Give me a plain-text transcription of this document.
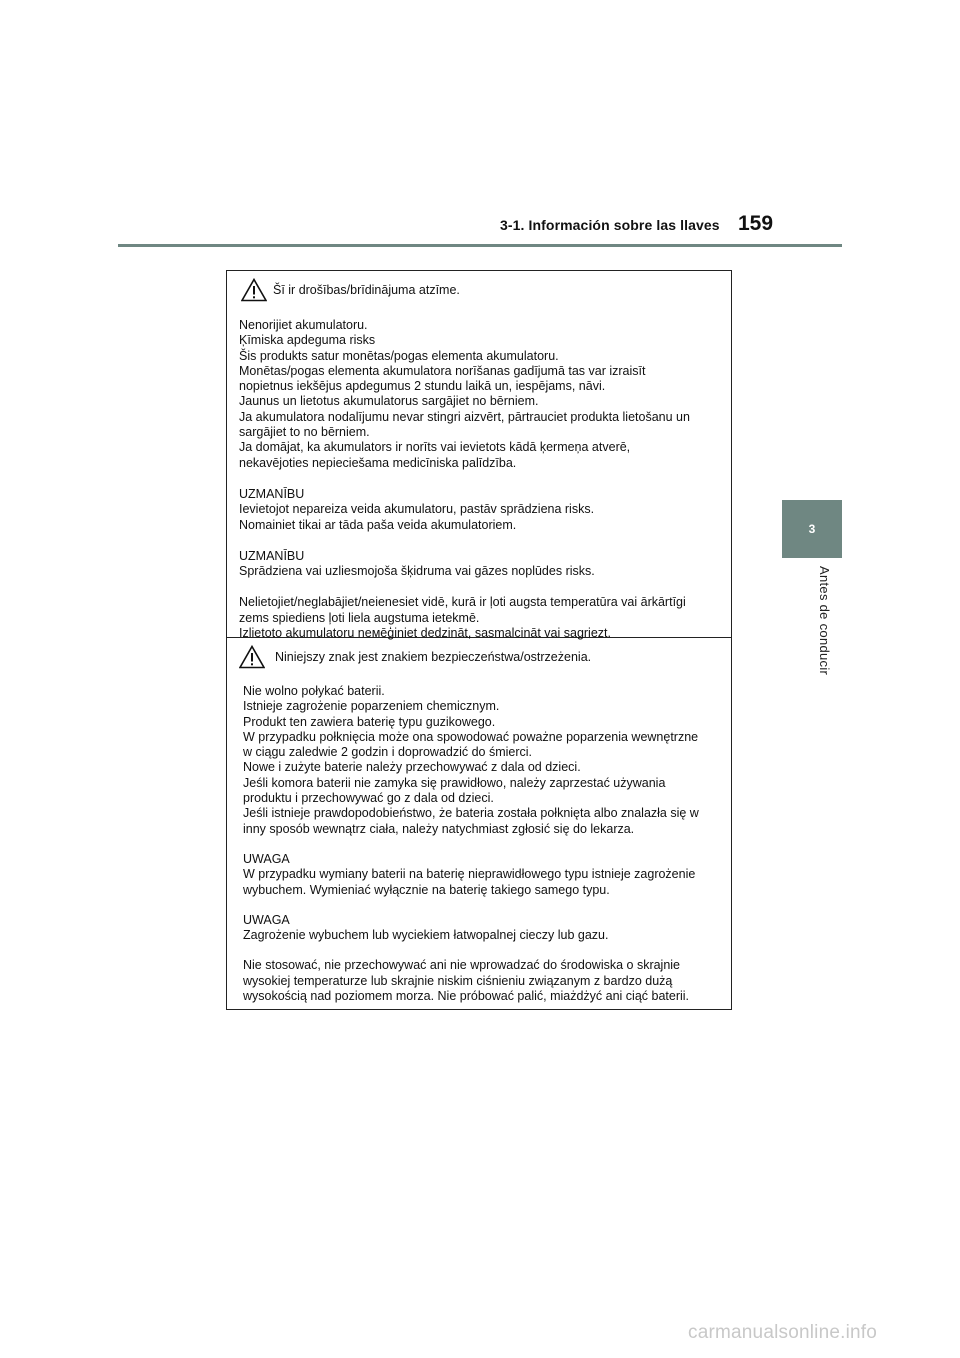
3-1. Información sobre las llaves 159
3
Antes de conducir
Šī ir drošības/brīdinājuma atzīme.

Nenorijiet akumulatoru.
Ķīmiska apdeguma risks
Šis produkts satur monētas/pogas elementa akumulatoru.
Monētas/pogas elementa akumulatora norīšanas gadījumā tas var izraisīt
nopietnus iekšējus apdegumus 2 stundu laikā un, iespējams, nāvi.
Jaunus un lietotus akumulatorus sargājiet no bērniem.
Ja akumulatora nodalījumu nevar stingri aizvērt, pārtrauciet produkta lietošanu un
sargājiet to no bērniem.
Ja domājat, ka akumulators ir norīts vai ievietots kādā ķermeņa atverē,
nekavējoties nepieciešama medicīniska palīdzība.

UZMANĪBU
Ievietojot nepareiza veida akumulatoru, pastāv sprādziena risks.
Nomainiet tikai ar tāda paša veida akumulatoriem.

UZMANĪBU
Sprādziena vai uzliesmojoša šķidruma vai gāzes noplūdes risks.

Nelietojiet/neglabājiet/neienesiet vidē, kurā ir ļoti augsta temperatūra vai ārkārtīgi
zems spiediens ļoti liela augstuma ietekmē.
Izlietoto akumulatoru neмēģiniet dedzināt, sasmalcināt vai sagriezt.

Niniejszy znak jest znakiem bezpieczeństwa/ostrzeżenia.

Nie wolno połykać baterii.
Istnieje zagrożenie poparzeniem chemicznym.
Produkt ten zawiera baterię typu guzikowego.
W przypadku połknięcia może ona spowodować poważne poparzenia wewnętrzne
w ciągu zaledwie 2 godzin i doprowadzić do śmierci.
Nowe i zużyte baterie należy przechowywać z dala od dzieci.
Jeśli komora baterii nie zamyka się prawidłowo, należy zaprzestać używania
produktu i przechowywać go z dala od dzieci.
Jeśli istnieje prawdopodobieństwo, że bateria została połknięta albo znalazła się w
inny sposób wewnątrz ciała, należy natychmiast zgłosić się do lekarza.

UWAGA
W przypadku wymiany baterii na baterię nieprawidłowego typu istnieje zagrożenie
wybuchem. Wymieniać wyłącznie na baterię takiego samego typu.

UWAGA
Zagrożenie wybuchem lub wyciekiem łatwopalnej cieczy lub gazu.

Nie stosować, nie przechowywać ani nie wprowadzać do środowiska o skrajnie
wysokiej temperaturze lub skrajnie niskim ciśnieniu związanym z bardzo dużą
wysokością nad poziomem morza. Nie próbować palić, miażdżyć ani ciąć baterii.

carmanualsonline.info
